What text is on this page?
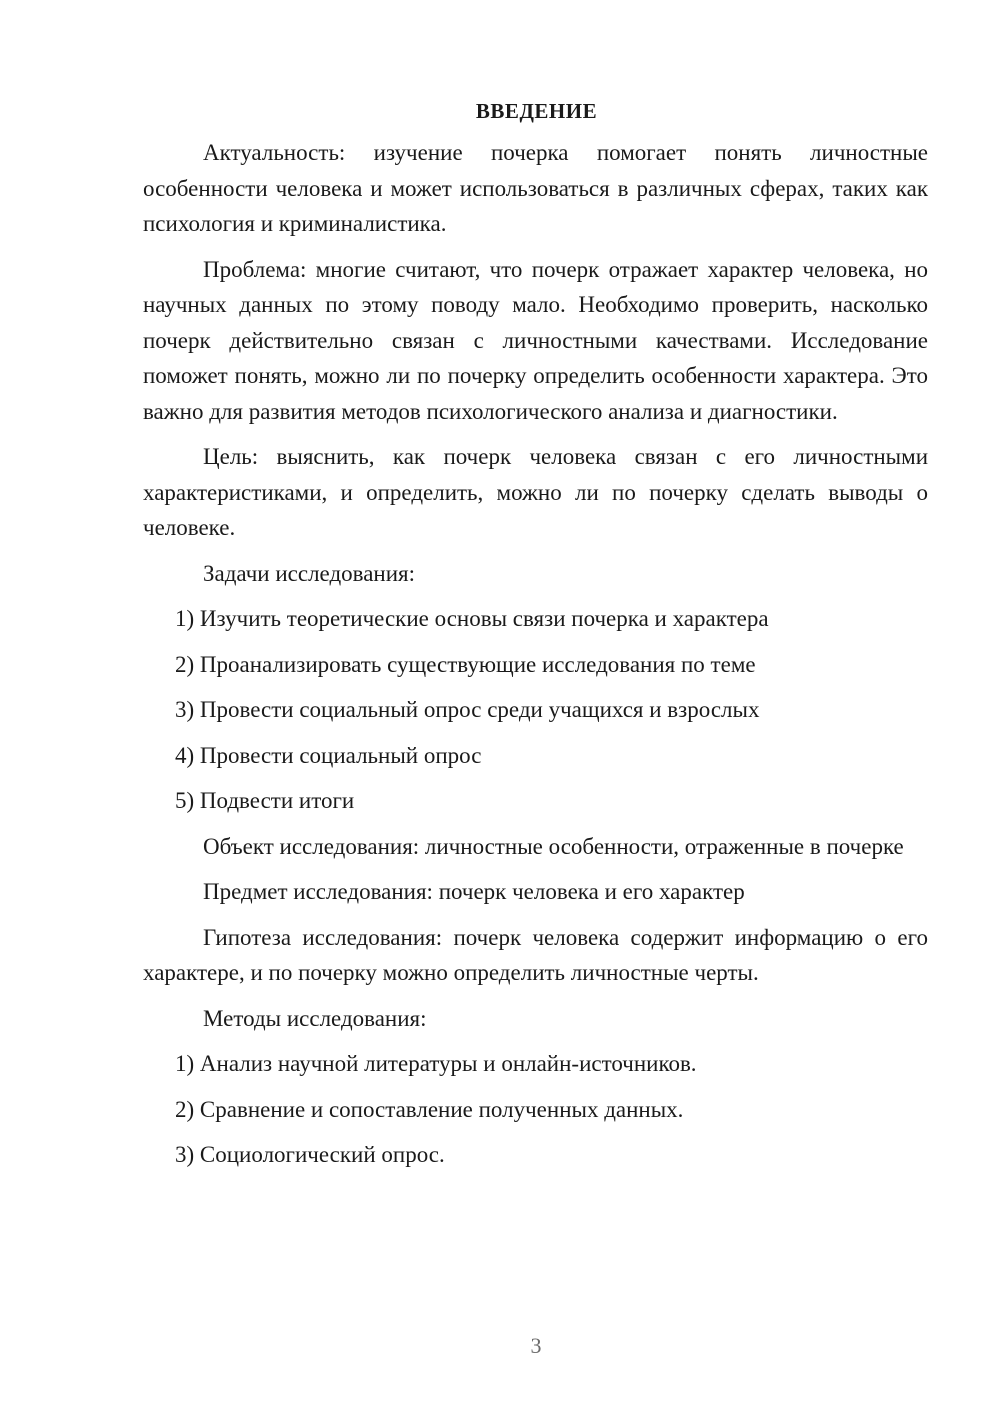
ВВЕДЕНИЕ

Актуальность: изучение почерка помогает понять личностные особенности человека и может использоваться в различных сферах, таких как психология и криминалистика.

Проблема: многие считают, что почерк отражает характер человека, но научных данных по этому поводу мало. Необходимо проверить, насколько почерк действительно связан с личностными качествами. Исследование поможет понять, можно ли по почерку определить особенности характера. Это важно для развития методов психологического анализа и диагностики.

Цель: выяснить, как почерк человека связан с его личностными характеристиками, и определить, можно ли по почерку сделать выводы о человеке.

Задачи исследования:

1) Изучить теоретические основы связи почерка и характера
2) Проанализировать существующие исследования по теме
3) Провести социальный опрос среди учащихся и взрослых
4) Провести социальный опрос
5) Подвести итоги

Объект исследования: личностные особенности, отраженные в почерке

Предмет исследования: почерк человека и его характер

Гипотеза исследования: почерк человека содержит информацию о его характере, и по почерку можно определить личностные черты.

Методы исследования:

1) Анализ научной литературы и онлайн-источников.
2) Сравнение и сопоставление полученных данных.
3) Социологический опрос.
3
